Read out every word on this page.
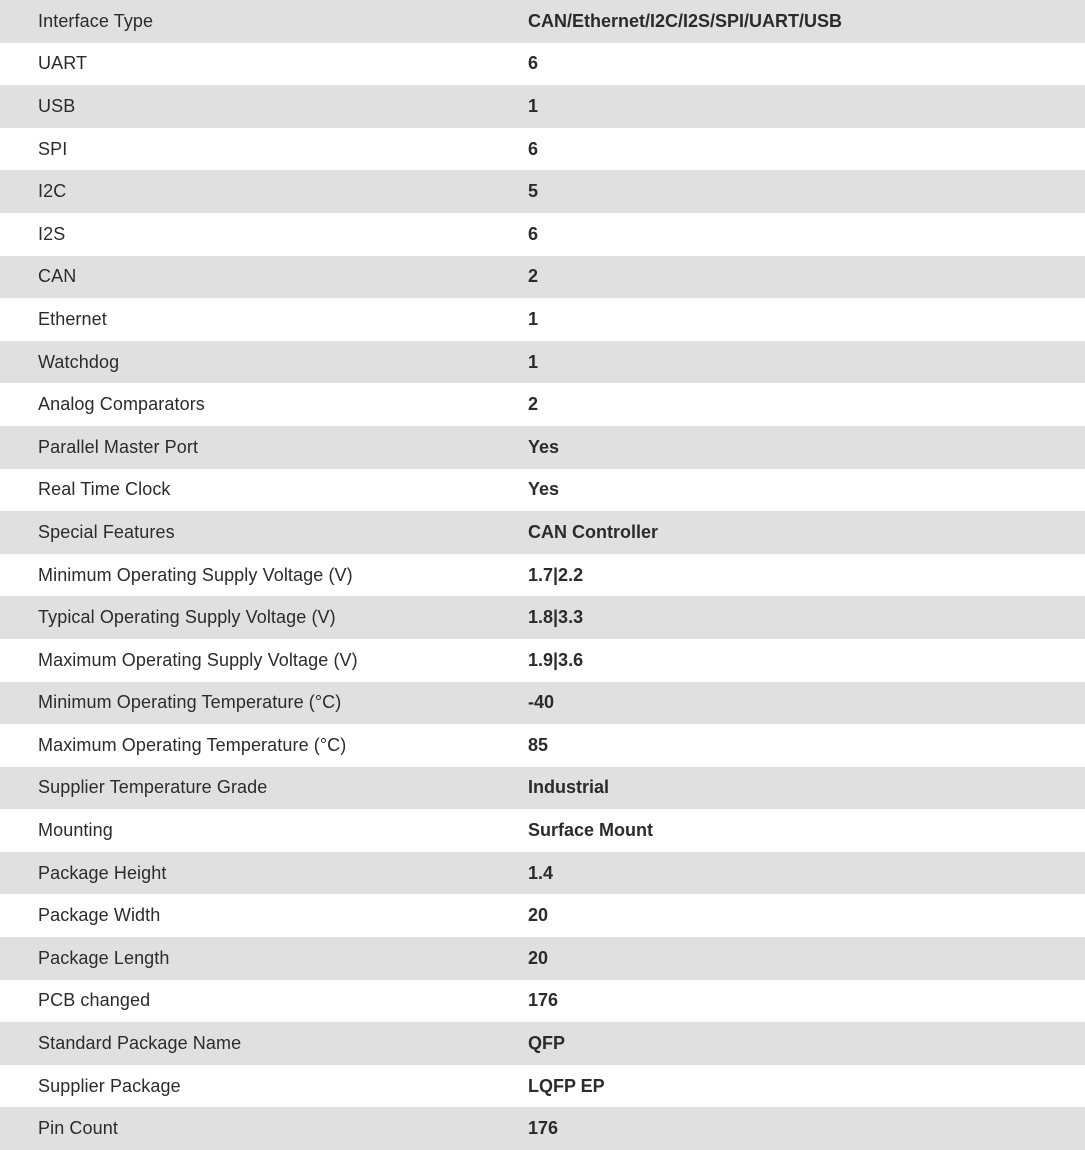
Interface Type	CAN/Ethernet/I2C/I2S/SPI/UART/USB
UART	6
USB	1
SPI	6
I2C	5
I2S	6
CAN	2
Ethernet	1
Watchdog	1
Analog Comparators	2
Parallel Master Port	Yes
Real Time Clock	Yes
Special Features	CAN Controller
Minimum Operating Supply Voltage (V)	1.7|2.2
Typical Operating Supply Voltage (V)	1.8|3.3
Maximum Operating Supply Voltage (V)	1.9|3.6
Minimum Operating Temperature (°C)	-40
Maximum Operating Temperature (°C)	85
Supplier Temperature Grade	Industrial
Mounting	Surface Mount
Package Height	1.4
Package Width	20
Package Length	20
PCB changed	176
Standard Package Name	QFP
Supplier Package	LQFP EP
Pin Count	176
